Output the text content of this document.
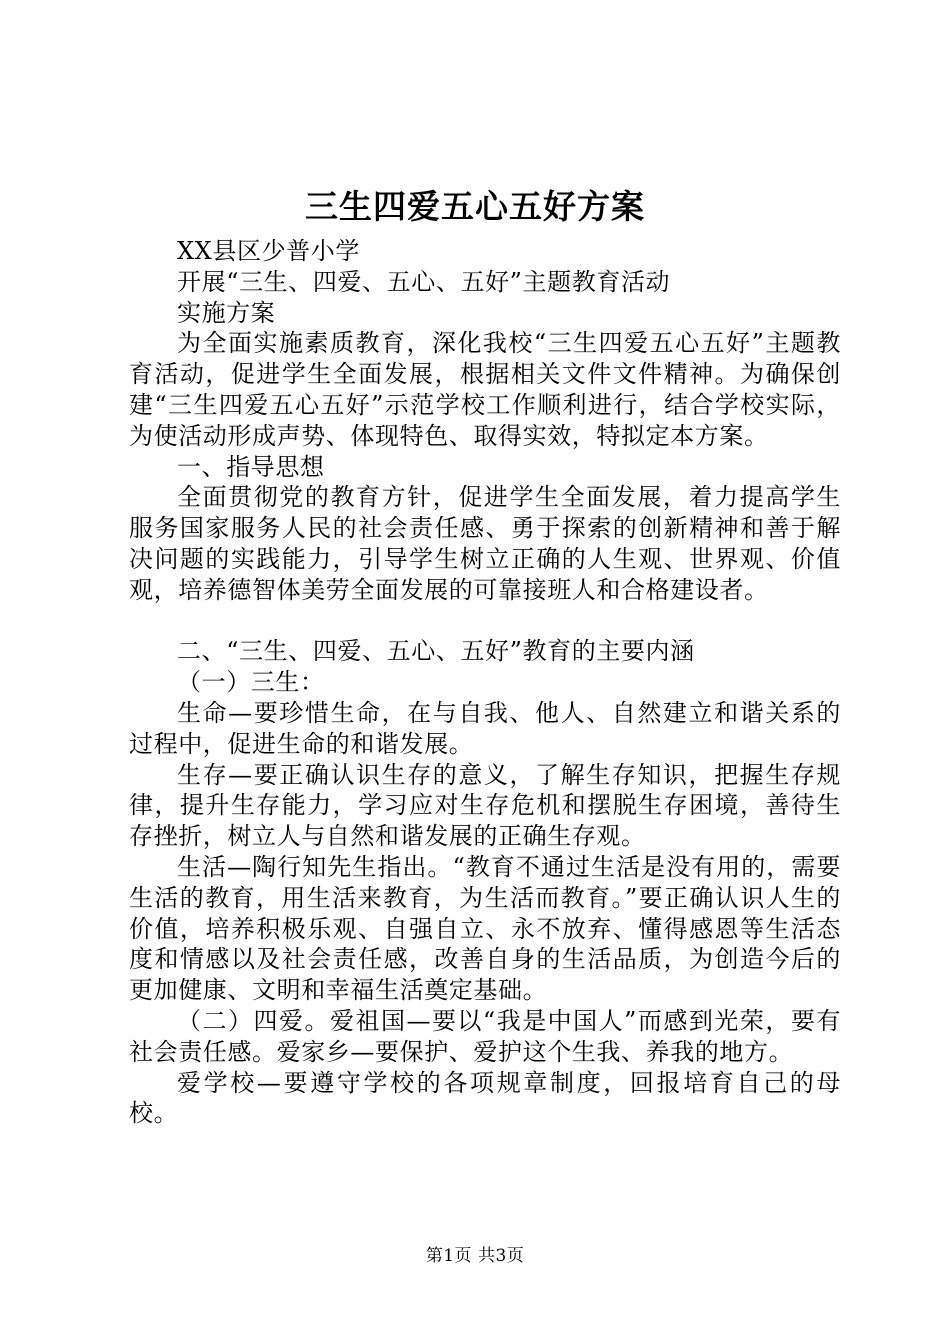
三生四爱五心五好方案

XX县区少普小学

开展“三生、四爱、五心、五好”主题教育活动

实施方案

为全面实施素质教育，深化我校“三生四爱五心五好”主题教育活动，促进学生全面发展，根据相关文件文件精神。为确保创建“三生四爱五心五好”示范学校工作顺利进行，结合学校实际，为使活动形成声势、体现特色、取得实效，特拟定本方案。

一、指导思想

全面贯彻党的教育方针，促进学生全面发展，着力提高学生服务国家服务人民的社会责任感、勇于探索的创新精神和善于解决问题的实践能力，引导学生树立正确的人生观、世界观、价值观，培养德智体美劳全面发展的可靠接班人和合格建设者。

二、“三生、四爱、五心、五好”教育的主要内涵

（一）三生：

生命—要珍惜生命，在与自我、他人、自然建立和谐关系的过程中，促进生命的和谐发展。

生存—要正确认识生存的意义，了解生存知识，把握生存规律，提升生存能力，学习应对生存危机和摆脱生存困境，善待生存挫折，树立人与自然和谐发展的正确生存观。

生活—陶行知先生指出。“教育不通过生活是没有用的，需要生活的教育，用生活来教育，为生活而教育。”要正确认识人生的价值，培养积极乐观、自强自立、永不放弃、懂得感恩等生活态度和情感以及社会责任感，改善自身的生活品质，为创造今后的更加健康、文明和幸福生活奠定基础。

（二）四爱。爱祖国—要以“我是中国人”而感到光荣，要有社会责任感。爱家乡—要保护、爱护这个生我、养我的地方。

爱学校—要遵守学校的各项规章制度，回报培育自己的母校。

第1页 共3页
